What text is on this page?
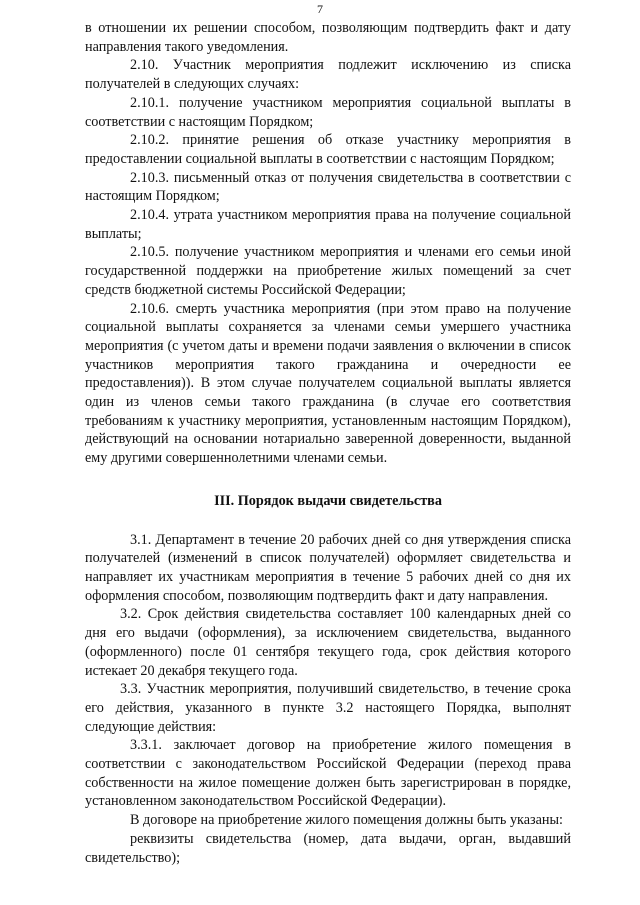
7

в отношении их решении способом, позволяющим подтвердить факт и дату направления такого уведомления.

2.10. Участник мероприятия подлежит исключению из списка получателей в следующих случаях:

2.10.1. получение участником мероприятия социальной выплаты в соответствии с настоящим Порядком;

2.10.2. принятие решения об отказе участнику мероприятия в предоставлении социальной выплаты в соответствии с настоящим Порядком;

2.10.3. письменный отказ от получения свидетельства в соответствии с настоящим Порядком;

2.10.4. утрата участником мероприятия права на получение социальной выплаты;

2.10.5. получение участником мероприятия и членами его семьи иной государственной поддержки на приобретение жилых помещений за счет средств бюджетной системы Российской Федерации;

2.10.6. смерть участника мероприятия (при этом право на получение социальной выплаты сохраняется за членами семьи умершего участника мероприятия (с учетом даты и времени подачи заявления о включении в список участников мероприятия такого гражданина и очередности ее предоставления)). В этом случае получателем социальной выплаты является один из членов семьи такого гражданина (в случае его соответствия требованиям к участнику мероприятия, установленным настоящим Порядком), действующий на основании нотариально заверенной доверенности, выданной ему другими совершеннолетними членами семьи.

III. Порядок выдачи свидетельства

3.1. Департамент в течение 20 рабочих дней со дня утверждения списка получателей (изменений в список получателей) оформляет свидетельства и направляет их участникам мероприятия в течение 5 рабочих дней со дня их оформления способом, позволяющим подтвердить факт и дату направления.

3.2. Срок действия свидетельства составляет 100 календарных дней со дня его выдачи (оформления), за исключением свидетельства, выданного (оформленного) после 01 сентября текущего года, срок действия которого истекает 20 декабря текущего года.

3.3. Участник мероприятия, получивший свидетельство, в течение срока его действия, указанного в пункте 3.2 настоящего Порядка, выполнят следующие действия:

3.3.1. заключает договор на приобретение жилого помещения в соответствии с законодательством Российской Федерации (переход права собственности на жилое помещение должен быть зарегистрирован в порядке, установленном законодательством Российской Федерации).

В договоре на приобретение жилого помещения должны быть указаны:

реквизиты свидетельства (номер, дата выдачи, орган, выдавший свидетельство);
